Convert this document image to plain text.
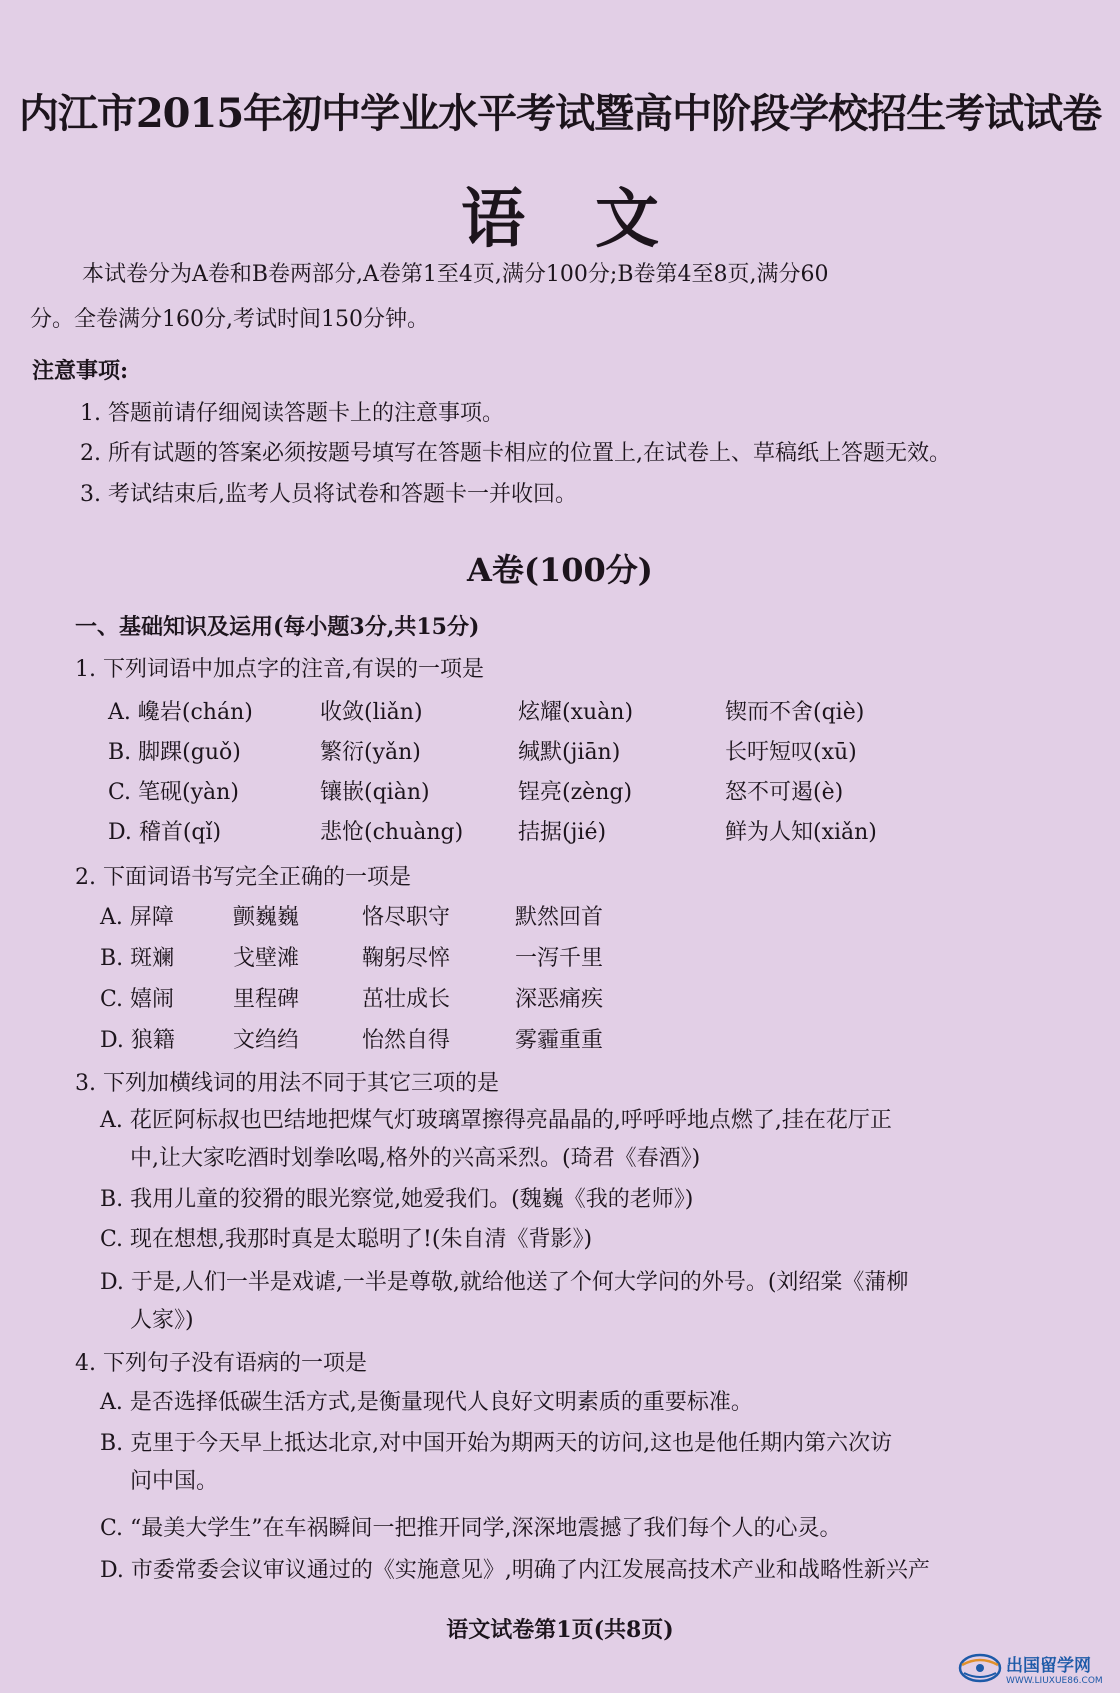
内江市2015年初中学业水平考试暨高中阶段学校招生考试试卷
语文
本试卷分为A卷和B卷两部分,A卷第1至4页,满分100分;B卷第4至8页,满分60
分。全卷满分160分,考试时间150分钟。
注意事项:
1. 答题前请仔细阅读答题卡上的注意事项。
2. 所有试题的答案必须按题号填写在答题卡相应的位置上,在试卷上、草稿纸上答题无效。
3. 考试结束后,监考人员将试卷和答题卡一并收回。
A卷(100分)
一、基础知识及运用(每小题3分,共15分)
1. 下列词语中加点字的注音,有误的一项是
A. 巉岩(chán)	收敛(liǎn)	炫耀(xuàn)	锲而不舍(qiè)
B. 脚踝(guǒ)	繁衍(yǎn)	缄默(jiān)	长吁短叹(xū)
C. 笔砚(yàn)	镶嵌(qiàn)	锃亮(zèng)	怒不可遏(è)
D. 稽首(qǐ)	悲怆(chuàng) 拮据(jié)	鲜为人知(xiǎn)
2. 下面词语书写完全正确的一项是
A. 屏障	颤巍巍	恪尽职守	默然回首
B. 斑斓	戈壁滩	鞠躬尽悴	一泻千里
C. 嬉闹	里程碑	茁壮成长	深恶痛疾
D. 狼籍	文绉绉	怡然自得	雾霾重重
3. 下列加横线词的用法不同于其它三项的是
A. 花匠阿标叔也巴结地把煤气灯玻璃罩擦得亮晶晶的,呼呼呼地点燃了,挂在花厅正
中,让大家吃酒时划拳吆喝,格外的兴高采烈。(琦君《春酒》)
B. 我用儿童的狡猾的眼光察觉,她爱我们。(魏巍《我的老师》)
C. 现在想想,我那时真是太聪明了!(朱自清《背影》)
D. 于是,人们一半是戏谑,一半是尊敬,就给他送了个何大学问的外号。(刘绍棠《蒲柳
人家》)
4. 下列句子没有语病的一项是
A. 是否选择低碳生活方式,是衡量现代人良好文明素质的重要标准。
B. 克里于今天早上抵达北京,对中国开始为期两天的访问,这也是他任期内第六次访
问中国。
C. “最美大学生”在车祸瞬间一把推开同学,深深地震撼了我们每个人的心灵。
D. 市委常委会议审议通过的《实施意见》,明确了内江发展高技术产业和战略性新兴产
语文试卷第1页(共8页)
出国留学网
WWW.LIUXUE86.COM
